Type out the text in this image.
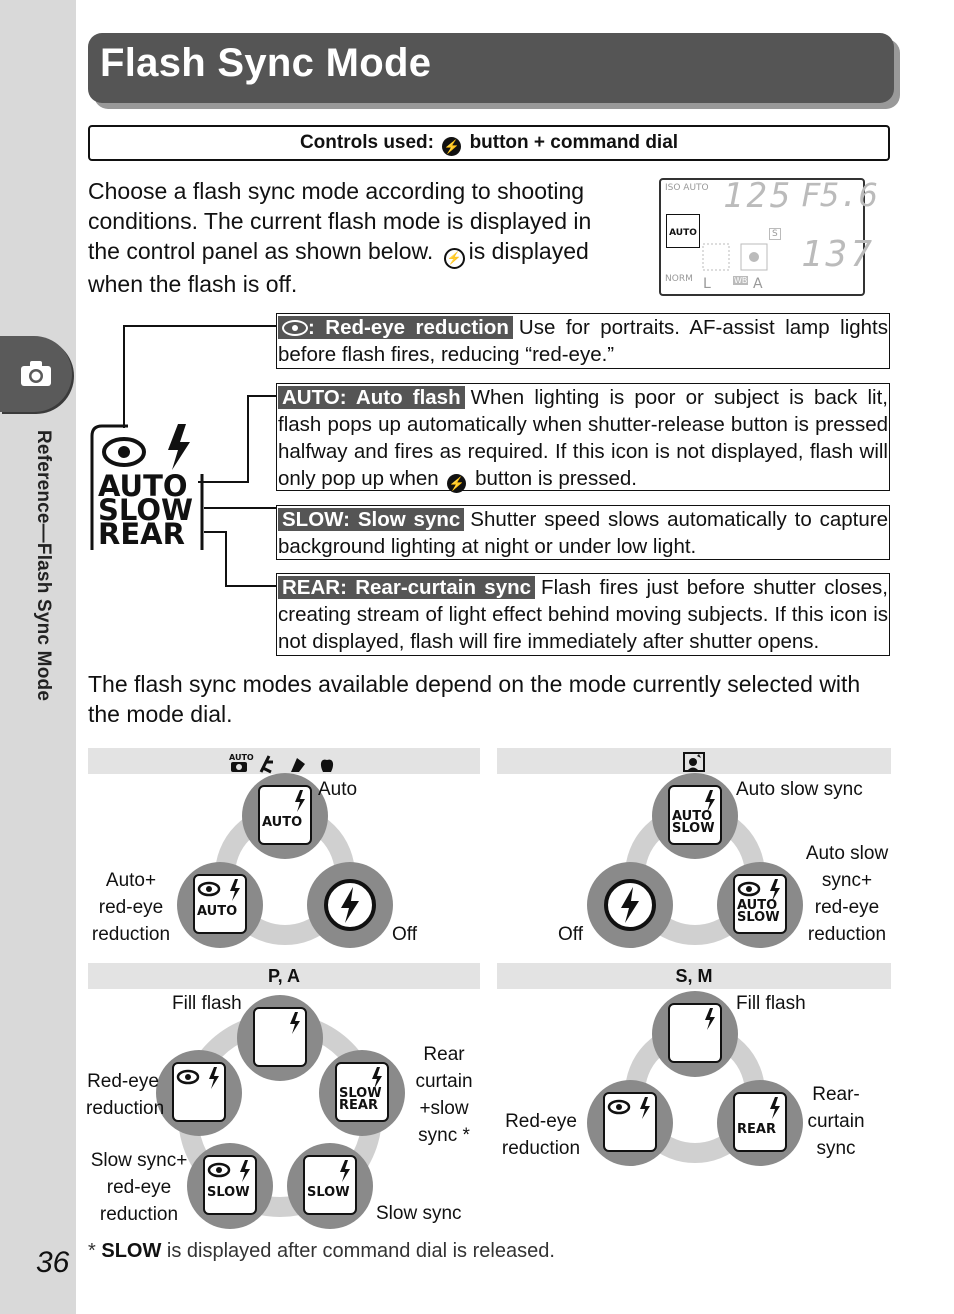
Reference—Flash Sync Mode
36
Flash Sync Mode
Controls used: ⚡ button + command dial
Choose a flash sync mode according to shooting conditions. The current flash mode is displayed in the control panel as shown below. ⚡ is displayed when the flash is off.
ISO AUTO 125 F5.6
AUTO	S 137
NORM L	WB A
AUTO
SLOW
REAR
: Red-eye reduction Use for portraits. AF-assist lamp lights before flash fires, reducing “red-eye.”
AUTO: Auto flash When lighting is poor or subject is back lit, flash pops up automatically when shutter-release button is pressed halfway and fires as required. If this icon is not displayed, flash will only pop up when ⚡ button is pressed.
SLOW: Slow sync Shutter speed slows automatically to capture background lighting at night or under low light.
REAR: Rear-curtain sync Flash fires just before shutter closes, creating stream of light effect behind moving subjects. If this icon is not displayed, flash will fire immediately after shutter opens.
The flash sync modes available depend on the mode currently selected with the mode dial.
AUTO
P, A	S, M
AUTO
AUTO
AUTO
SLOW
AUTO
SLOW
SLOW
REAR
SLOW	SLOW
REAR
Auto
Auto+
red-eye
reduction	Off
Auto slow sync
Auto slow
sync+
red-eye
reduction
Off
Fill flash
Red-eye
reduction
Rear
curtain
+slow
sync *
Slow sync+
red-eye
reduction	Slow sync
Fill flash
Red-eye
reduction
Rear-
curtain
sync
* SLOW is displayed after command dial is released.
